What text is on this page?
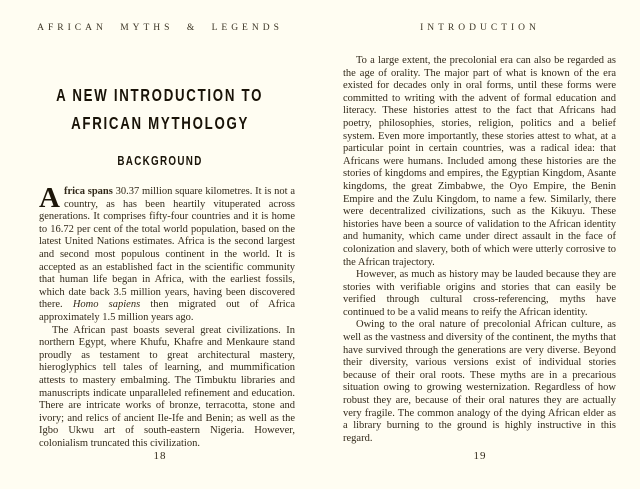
AFRICAN MYTHS & LEGENDS
A NEW INTRODUCTION TO
AFRICAN MYTHOLOGY
BACKGROUND

Africa spans 30.37 million square kilometres. It is not a country, as has been heartily vituperated across generations. It comprises fifty-four countries and it is home to 16.72 per cent of the total world population, based on the latest United Nations estimates. Africa is the second largest and second most populous continent in the world. It is accepted as an established fact in the scientific community that human life began in Africa, with the earliest fossils, which date back 3.5 million years, having been discovered there. Homo sapiens then migrated out of Africa approximately 1.5 million years ago.

The African past boasts several great civilizations. In northern Egypt, where Khufu, Khafre and Menkaure stand proudly as testament to great architectural mastery, hieroglyphics tell tales of learning, and mummification attests to mastery embalming. The Timbuktu libraries and manuscripts indicate unparalleled refinement and education. There are intricate works of bronze, terracotta, stone and ivory; and relics of ancient Ile-Ife and Benin; as well as the Igbo Ukwu art of south-eastern Nigeria. However, colonialism truncated this civilization.

18
INTRODUCTION

To a large extent, the precolonial era can also be regarded as the age of orality. The major part of what is known of the era existed for decades only in oral forms, until these forms were committed to writing with the advent of formal education and literacy. These histories attest to the fact that Africans had poetry, philosophies, stories, religion, politics and a belief system. Even more importantly, these stories attest to what, at a particular point in certain countries, was a radical idea: that Africans were humans. Included among these histories are the stories of kingdoms and empires, the Egyptian Kingdom, Asante kingdoms, the great Zimbabwe, the Oyo Empire, the Benin Empire and the Zulu Kingdom, to name a few. Similarly, there were decentralized civilizations, such as the Kikuyu. These histories have been a source of validation to the African identity and humanity, which came under direct assault in the face of colonization and slavery, both of which were utterly corrosive to the African trajectory.

However, as much as history may be lauded because they are stories with verifiable origins and stories that can easily be verified through cultural cross-referencing, myths have continued to be a valid means to reify the African identity.

Owing to the oral nature of precolonial African culture, as well as the vastness and diversity of the continent, the myths that have survived through the generations are very diverse. Beyond their diversity, various versions exist of individual stories because of their oral roots. These myths are in a precarious situation owing to growing westernization. Regardless of how robust they are, because of their oral natures they are actually very fragile. The common analogy of the dying African elder as a library burning to the ground is highly instructive in this regard.

19
